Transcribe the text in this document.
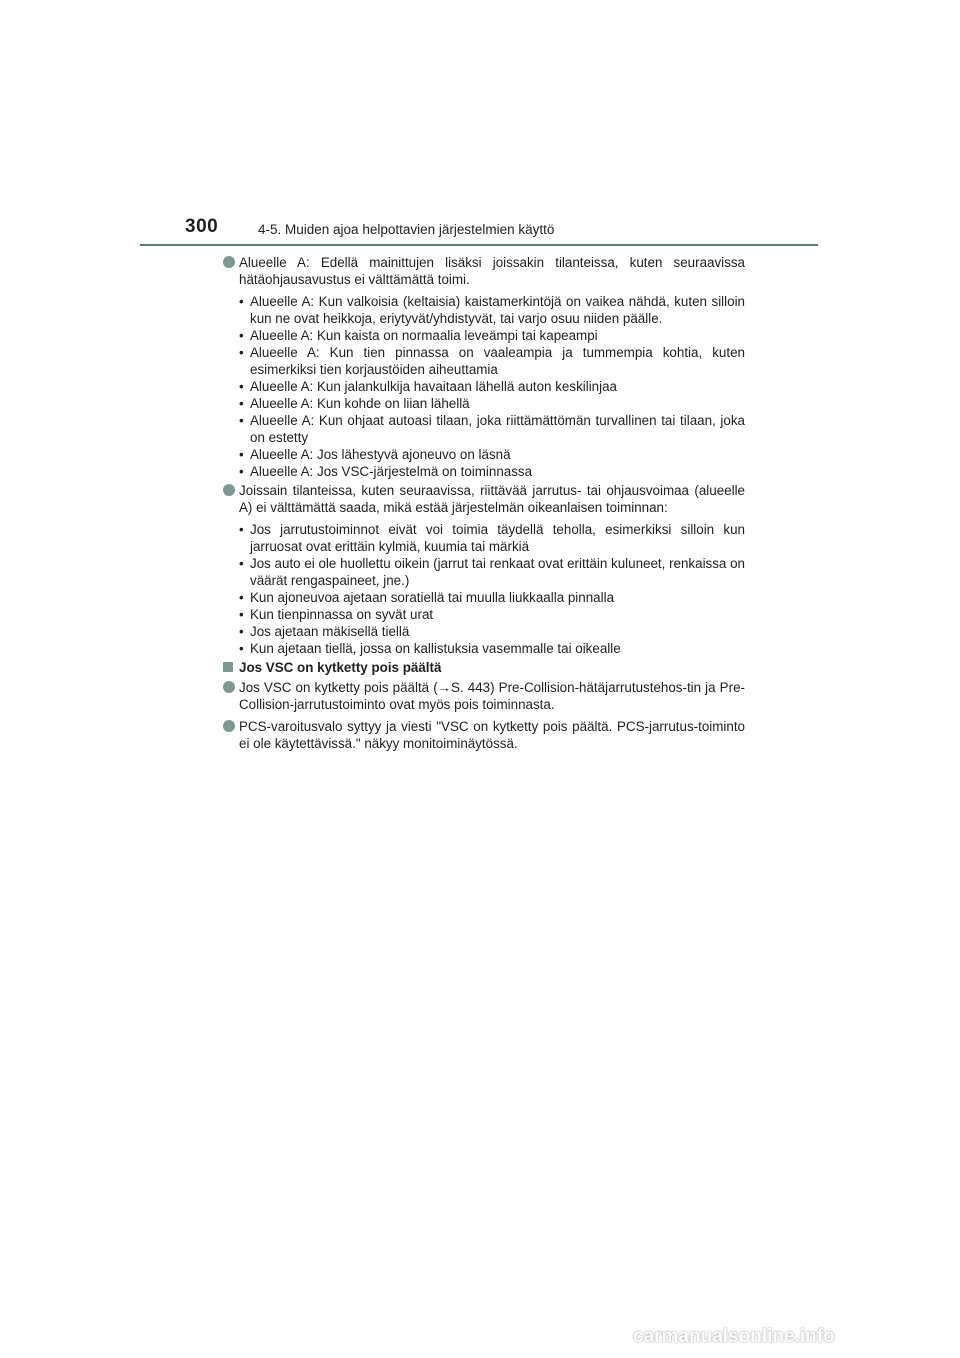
300	4-5. Muiden ajoa helpottavien järjestelmien käyttö
Alueelle A: Edellä mainittujen lisäksi joissakin tilanteissa, kuten seuraavissa hätäohjausavustus ei välttämättä toimi.
• Alueelle A: Kun valkoisia (keltaisia) kaistamerkintöjä on vaikea nähdä, kuten silloin kun ne ovat heikkoja, eriytyvät/yhdistyvät, tai varjo osuu niiden päälle.
• Alueelle A: Kun kaista on normaalia leveämpi tai kapeampi
• Alueelle A: Kun tien pinnassa on vaaleampia ja tummempia kohtia, kuten esimerkiksi tien korjaustöiden aiheuttamia
• Alueelle A: Kun jalankulkija havaitaan lähellä auton keskilinjaa
• Alueelle A: Kun kohde on liian lähellä
• Alueelle A: Kun ohjaat autoasi tilaan, joka riittämättömän turvallinen tai tilaan, joka on estetty
• Alueelle A: Jos lähestyvä ajoneuvo on läsnä
• Alueelle A: Jos VSC-järjestelmä on toiminnassa
Joissain tilanteissa, kuten seuraavissa, riittävää jarrutus- tai ohjausvoimaa (alueelle A) ei välttämättä saada, mikä estää järjestelmän oikeanlaisen toiminnan:
• Jos jarrutustoiminnot eivät voi toimia täydellä teholla, esimerkiksi silloin kun jarruosat ovat erittäin kylmiä, kuumia tai märkiä
• Jos auto ei ole huollettu oikein (jarrut tai renkaat ovat erittäin kuluneet, renkaissa on väärät rengaspaineet, jne.)
• Kun ajoneuvoa ajetaan soratiellä tai muulla liukkaalla pinnalla
• Kun tienpinnassa on syvät urat
• Jos ajetaan mäkisellä tiellä
• Kun ajetaan tiellä, jossa on kallistuksia vasemmalle tai oikealle
Jos VSC on kytketty pois päältä
Jos VSC on kytketty pois päältä (→S. 443) Pre-Collision-hätäjarrutustehos-tin ja Pre-Collision-jarrutustoiminto ovat myös pois toiminnasta.
PCS-varoitusvalo syttyy ja viesti "VSC on kytketty pois päältä. PCS-jarrutus-toiminto ei ole käytettävissä." näkyy monitoiminäytössä.
carmanualsonline.info
